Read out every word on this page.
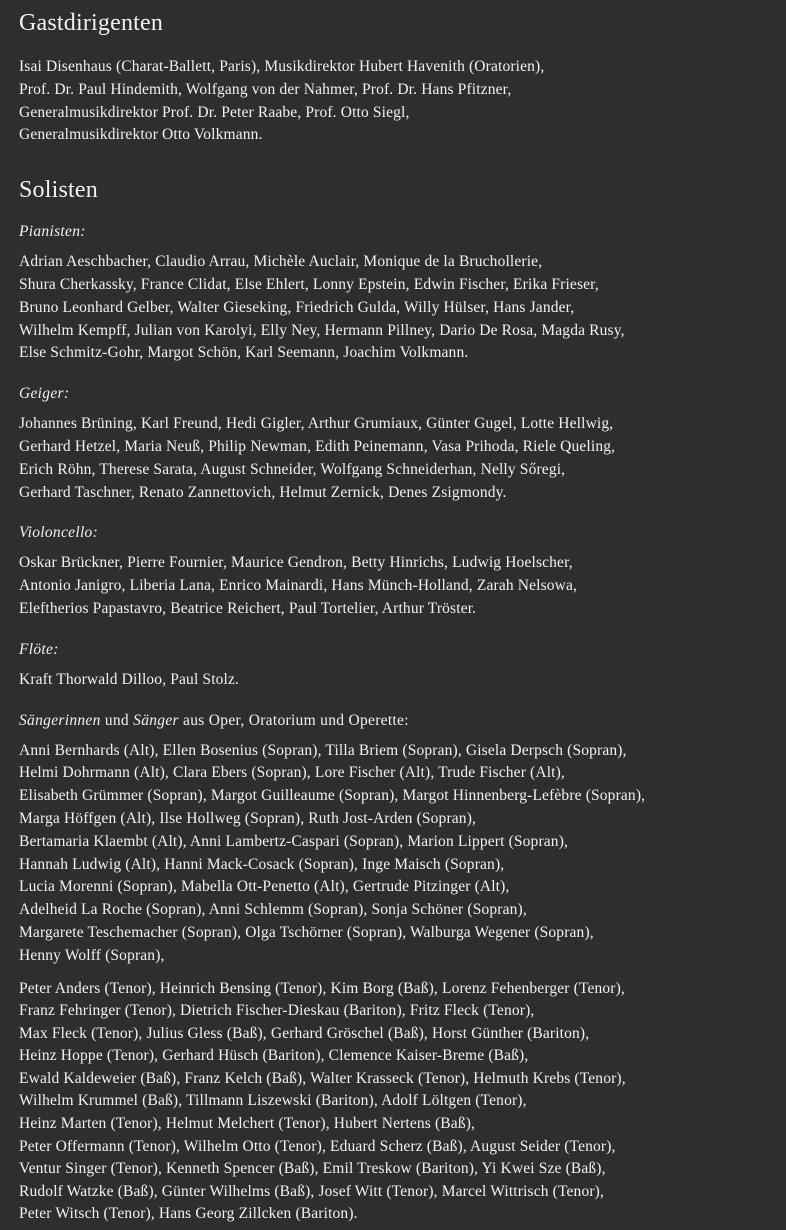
Gastdirigenten

Isai Disenhaus (Charat-Ballett, Paris), Musikdirektor Hubert Havenith (Oratorien),
Prof. Dr. Paul Hindemith, Wolfgang von der Nahmer, Prof. Dr. Hans Pfitzner,
Generalmusikdirektor Prof. Dr. Peter Raabe, Prof. Otto Siegl,
Generalmusikdirektor Otto Volkmann.

Solisten

Pianisten:

Adrian Aeschbacher, Claudio Arrau, Michèle Auclair, Monique de la Bruchollerie,
Shura Cherkassky, France Clidat, Else Ehlert, Lonny Epstein, Edwin Fischer, Erika Frieser,
Bruno Leonhard Gelber, Walter Gieseking, Friedrich Gulda, Willy Hülser, Hans Jander,
Wilhelm Kempff, Julian von Karolyi, Elly Ney, Hermann Pillney, Dario De Rosa, Magda Rusy,
Else Schmitz-Gohr, Margot Schön, Karl Seemann, Joachim Volkmann.

Geiger:

Johannes Brüning, Karl Freund, Hedi Gigler, Arthur Grumiaux, Günter Gugel, Lotte Hellwig,
Gerhard Hetzel, Maria Neuß, Philip Newman, Edith Peinemann, Vasa Prihoda, Riele Queling,
Erich Röhn, Therese Sarata, August Schneider, Wolfgang Schneiderhan, Nelly Sőregi,
Gerhard Taschner, Renato Zannettovich, Helmut Zernick, Denes Zsigmondy.

Violoncello:

Oskar Brückner, Pierre Fournier, Maurice Gendron, Betty Hinrichs, Ludwig Hoelscher,
Antonio Janigro, Liberia Lana, Enrico Mainardi, Hans Münch-Holland, Zarah Nelsowa,
Eleftherios Papastavro, Beatrice Reichert, Paul Tortelier, Arthur Tröster.

Flöte:

Kraft Thorwald Dilloo, Paul Stolz.

Sängerinnen und Sänger aus Oper, Oratorium und Operette:

Anni Bernhards (Alt), Ellen Bosenius (Sopran), Tilla Briem (Sopran), Gisela Derpsch (Sopran),
Helmi Dohrmann (Alt), Clara Ebers (Sopran), Lore Fischer (Alt), Trude Fischer (Alt),
Elisabeth Grümmer (Sopran), Margot Guilleaume (Sopran), Margot Hinnenberg-Lefèbre (Sopran),
Marga Höffgen (Alt), Ilse Hollweg (Sopran), Ruth Jost-Arden (Sopran),
Bertamaria Klaembt (Alt), Anni Lambertz-Caspari (Sopran), Marion Lippert (Sopran),
Hannah Ludwig (Alt), Hanni Mack-Cosack (Sopran), Inge Maisch (Sopran),
Lucia Morenni (Sopran), Mabella Ott-Penetto (Alt), Gertrude Pitzinger (Alt),
Adelheid La Roche (Sopran), Anni Schlemm (Sopran), Sonja Schöner (Sopran),
Margarete Teschemacher (Sopran), Olga Tschörner (Sopran), Walburga Wegener (Sopran),
Henny Wolff (Sopran),

Peter Anders (Tenor), Heinrich Bensing (Tenor), Kim Borg (Baß), Lorenz Fehenberger (Tenor),
Franz Fehringer (Tenor), Dietrich Fischer-Dieskau (Bariton), Fritz Fleck (Tenor),
Max Fleck (Tenor), Julius Gless (Baß), Gerhard Gröschel (Baß), Horst Günther (Bariton),
Heinz Hoppe (Tenor), Gerhard Hüsch (Bariton), Clemence Kaiser-Breme (Baß),
Ewald Kaldeweier (Baß), Franz Kelch (Baß), Walter Krasseck (Tenor), Helmuth Krebs (Tenor),
Wilhelm Krummel (Baß), Tillmann Liszewski (Bariton), Adolf Löltgen (Tenor),
Heinz Marten (Tenor), Helmut Melchert (Tenor), Hubert Nertens (Baß),
Peter Offermann (Tenor), Wilhelm Otto (Tenor), Eduard Scherz (Baß), August Seider (Tenor),
Ventur Singer (Tenor), Kenneth Spencer (Baß), Emil Treskow (Bariton), Yi Kwei Sze (Baß),
Rudolf Watzke (Baß), Günter Wilhelms (Baß), Josef Witt (Tenor), Marcel Wittrisch (Tenor),
Peter Witsch (Tenor), Hans Georg Zillcken (Bariton).
